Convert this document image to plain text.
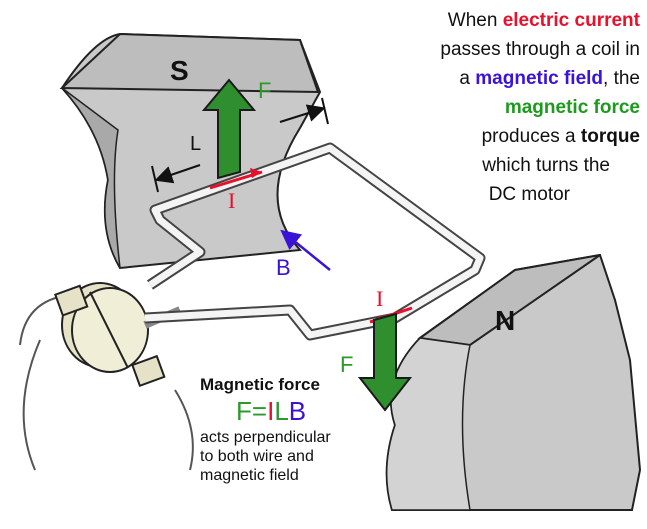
S
N
I
I
F
F
L
B
When electric current
passes through a coil in
a magnetic field, the
magnetic force
produces a torque
which turns the
DC motor
Magnetic force
F=ILB
acts perpendicular
to both wire and
magnetic field
